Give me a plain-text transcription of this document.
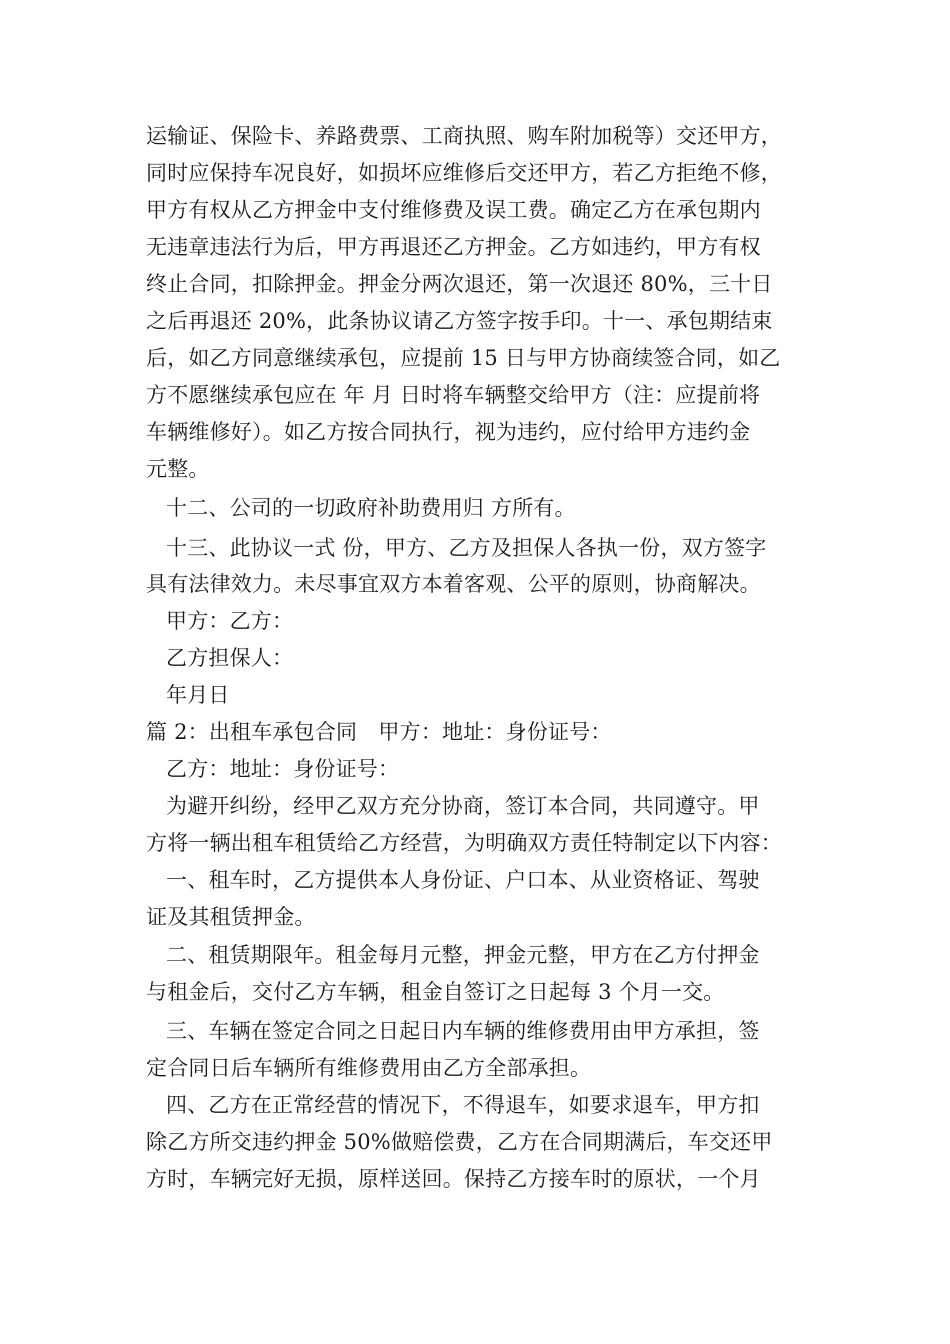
运输证、保险卡、养路费票、工商执照、购车附加税等）交还甲方，
同时应保持车况良好，如损坏应维修后交还甲方，若乙方拒绝不修，
甲方有权从乙方押金中支付维修费及误工费。确定乙方在承包期内
无违章违法行为后，甲方再退还乙方押金。乙方如违约，甲方有权
终止合同，扣除押金。押金分两次退还，第一次退还 80%，三十日
之后再退还 20%，此条协议请乙方签字按手印。十一、承包期结束
后，如乙方同意继续承包，应提前 15 日与甲方协商续签合同，如乙
方不愿继续承包应在 年 月 日时将车辆整交给甲方（注：应提前将
车辆维修好）。如乙方按合同执行，视为违约，应付给甲方违约金
元整。
十二、公司的一切政府补助费用归 方所有。
十三、此协议一式 份，甲方、乙方及担保人各执一份，双方签字
具有法律效力。未尽事宜双方本着客观、公平的原则，协商解决。
甲方：乙方：
乙方担保人：
年月日
篇 2：出租车承包合同　甲方：地址：身份证号：
乙方：地址：身份证号：
为避开纠纷，经甲乙双方充分协商，签订本合同，共同遵守。甲
方将一辆出租车租赁给乙方经营，为明确双方责任特制定以下内容：
一、租车时，乙方提供本人身份证、户口本、从业资格证、驾驶
证及其租赁押金。
二、租赁期限年。租金每月元整，押金元整，甲方在乙方付押金
与租金后，交付乙方车辆，租金自签订之日起每 3 个月一交。
三、车辆在签定合同之日起日内车辆的维修费用由甲方承担，签
定合同日后车辆所有维修费用由乙方全部承担。
四、乙方在正常经营的情况下，不得退车，如要求退车，甲方扣
除乙方所交违约押金 50%做赔偿费，乙方在合同期满后，车交还甲
方时，车辆完好无损，原样送回。保持乙方接车时的原状，一个月
